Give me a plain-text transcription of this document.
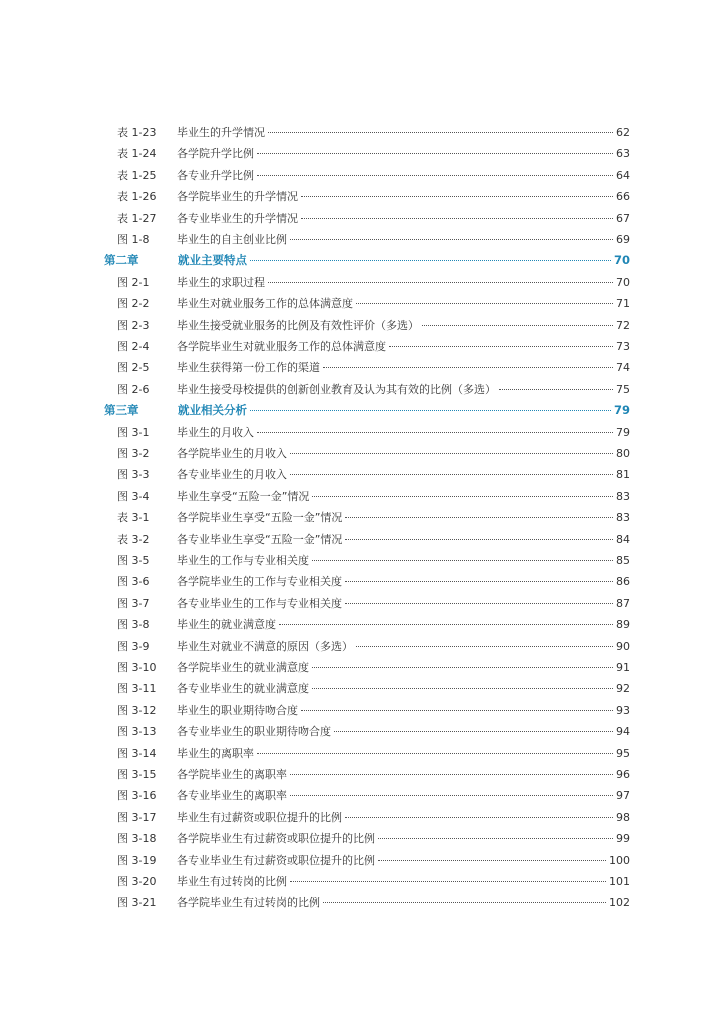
表 1-23	毕业生的升学情况	62
表 1-24	各学院升学比例	63
表 1-25	各专业升学比例	64
表 1-26	各学院毕业生的升学情况	66
表 1-27	各专业毕业生的升学情况	67
图 1-8	毕业生的自主创业比例	69
第二章	就业主要特点	70
图 2-1	毕业生的求职过程	70
图 2-2	毕业生对就业服务工作的总体满意度	71
图 2-3	毕业生接受就业服务的比例及有效性评价（多选）	72
图 2-4	各学院毕业生对就业服务工作的总体满意度	73
图 2-5	毕业生获得第一份工作的渠道	74
图 2-6	毕业生接受母校提供的创新创业教育及认为其有效的比例（多选）	75
第三章	就业相关分析	79
图 3-1	毕业生的月收入	79
图 3-2	各学院毕业生的月收入	80
图 3-3	各专业毕业生的月收入	81
图 3-4	毕业生享受“五险一金”情况	83
表 3-1	各学院毕业生享受“五险一金”情况	83
表 3-2	各专业毕业生享受“五险一金”情况	84
图 3-5	毕业生的工作与专业相关度	85
图 3-6	各学院毕业生的工作与专业相关度	86
图 3-7	各专业毕业生的工作与专业相关度	87
图 3-8	毕业生的就业满意度	89
图 3-9	毕业生对就业不满意的原因（多选）	90
图 3-10	各学院毕业生的就业满意度	91
图 3-11	各专业毕业生的就业满意度	92
图 3-12	毕业生的职业期待吻合度	93
图 3-13	各专业毕业生的职业期待吻合度	94
图 3-14	毕业生的离职率	95
图 3-15	各学院毕业生的离职率	96
图 3-16	各专业毕业生的离职率	97
图 3-17	毕业生有过薪资或职位提升的比例	98
图 3-18	各学院毕业生有过薪资或职位提升的比例	99
图 3-19	各专业毕业生有过薪资或职位提升的比例	100
图 3-20	毕业生有过转岗的比例	101
图 3-21	各学院毕业生有过转岗的比例	102
